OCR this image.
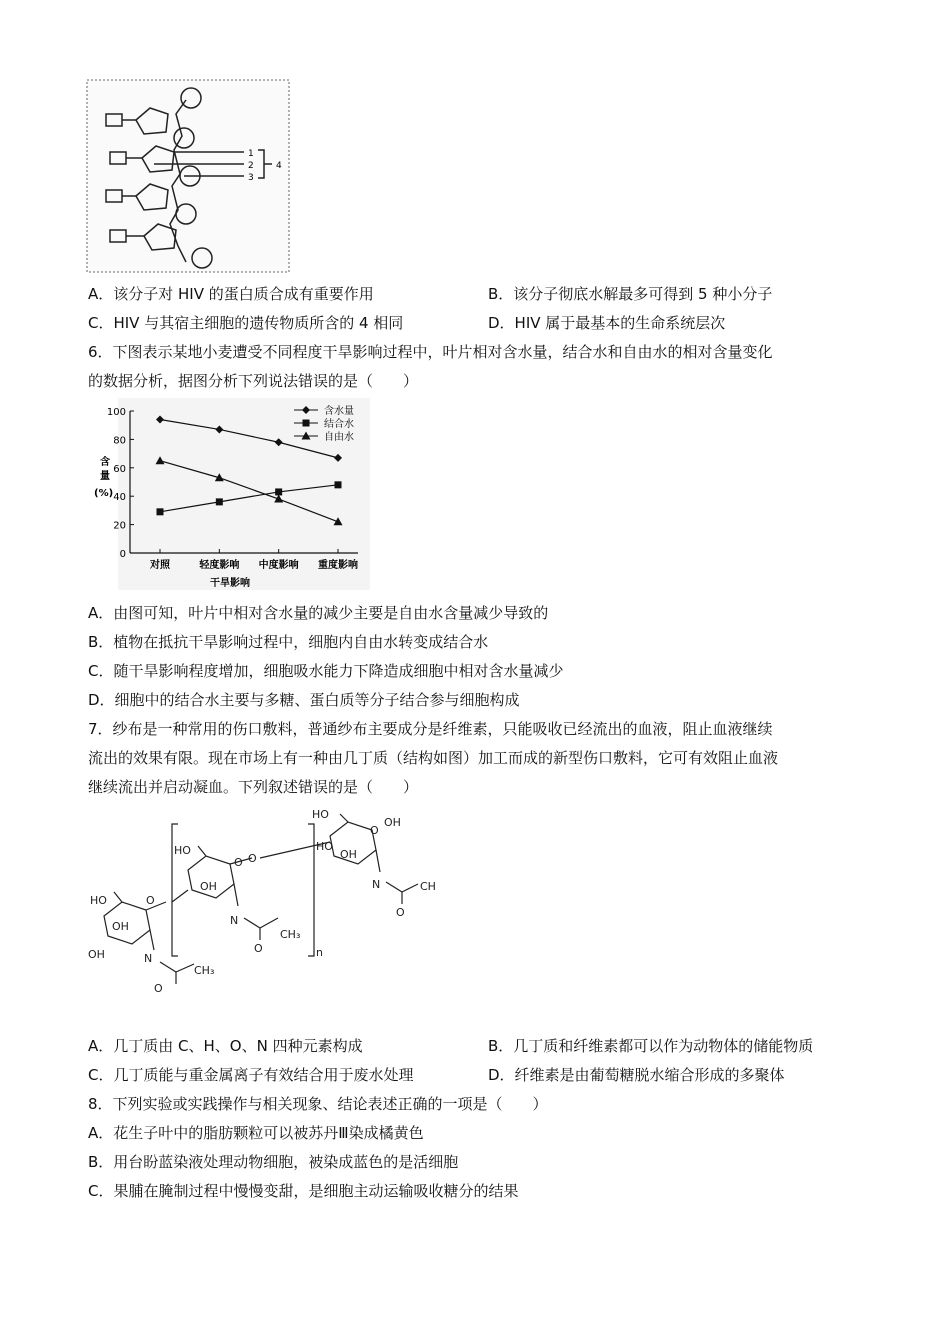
1
2
3
4
A．该分子对 HIV 的蛋白质合成有重要作用	B．该分子彻底水解最多可得到 5 种小分子
C．HIV 与其宿主细胞的遗传物质所含的 4 相同	D．HIV 属于最基本的生命系统层次
6．下图表示某地小麦遭受不同程度干旱影响过程中，叶片相对含水量，结合水和自由水的相对含量变化
的数据分析，据图分析下列说法错误的是（　　）
0
20
40
60
80
100
对照	轻度影响 中度影响 重度影响
含水量
结合水
自由水
含
量
(%)
干旱影响
A．由图可知，叶片中相对含水量的减少主要是自由水含量减少导致的
B．植物在抵抗干旱影响过程中，细胞内自由水转变成结合水
C．随干旱影响程度增加，细胞吸水能力下降造成细胞中相对含水量减少
D．细胞中的结合水主要与多糖、蛋白质等分子结合参与细胞构成
7．纱布是一种常用的伤口敷料，普通纱布主要成分是纤维素，只能吸收已经流出的血液，阻止血液继续
流出的效果有限。现在市场上有一种由几丁质（结构如图）加工而成的新型伤口敷料，它可有效阻止血液
继续流出并启动凝血。下列叙述错误的是（　　）
HO
OH
OH	N
O
O
CH₃
HO
OH
O O
N
O
CH₃
n
HO
HO
OH
O
OH
N
O
CH
A．几丁质由 C、H、O、N 四种元素构成	B．几丁质和纤维素都可以作为动物体的储能物质
C．几丁质能与重金属离子有效结合用于废水处理	D．纤维素是由葡萄糖脱水缩合形成的多聚体
8．下列实验或实践操作与相关现象、结论表述正确的一项是（　　）
A．花生子叶中的脂肪颗粒可以被苏丹Ⅲ染成橘黄色
B．用台盼蓝染液处理动物细胞，被染成蓝色的是活细胞
C．果脯在腌制过程中慢慢变甜，是细胞主动运输吸收糖分的结果
